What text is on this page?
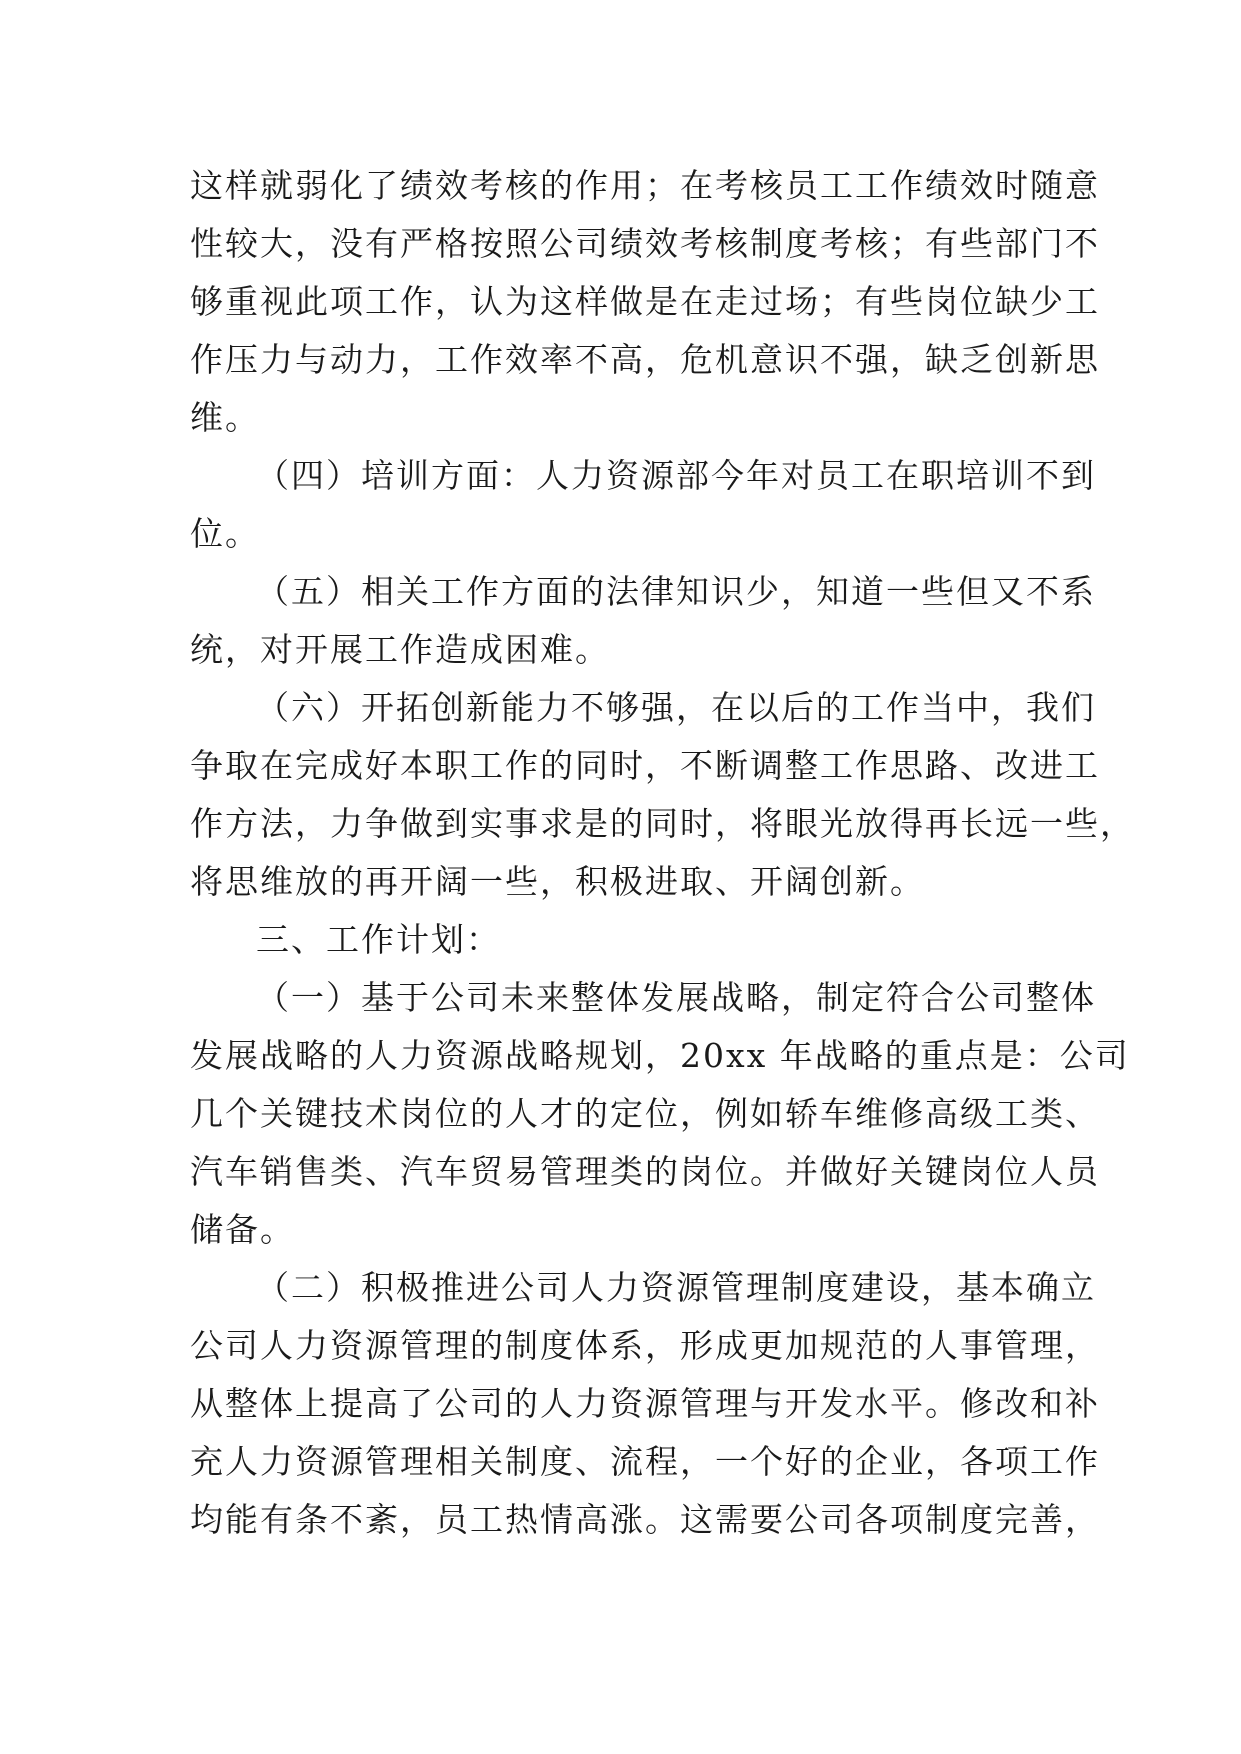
这样就弱化了绩效考核的作用；在考核员工工作绩效时随意
性较大，没有严格按照公司绩效考核制度考核；有些部门不
够重视此项工作，认为这样做是在走过场；有些岗位缺少工
作压力与动力，工作效率不高，危机意识不强，缺乏创新思
维。
（四）培训方面：人力资源部今年对员工在职培训不到
位。
（五）相关工作方面的法律知识少，知道一些但又不系
统，对开展工作造成困难。
（六）开拓创新能力不够强，在以后的工作当中，我们
争取在完成好本职工作的同时，不断调整工作思路、改进工
作方法，力争做到实事求是的同时，将眼光放得再长远一些，
将思维放的再开阔一些，积极进取、开阔创新。
三、工作计划：
（一）基于公司未来整体发展战略，制定符合公司整体
发展战略的人力资源战略规划，20xx 年战略的重点是：公司
几个关键技术岗位的人才的定位，例如轿车维修高级工类、
汽车销售类、汽车贸易管理类的岗位。并做好关键岗位人员
储备。
（二）积极推进公司人力资源管理制度建设，基本确立
公司人力资源管理的制度体系，形成更加规范的人事管理，
从整体上提高了公司的人力资源管理与开发水平。修改和补
充人力资源管理相关制度、流程，一个好的企业，各项工作
均能有条不紊，员工热情高涨。这需要公司各项制度完善，
